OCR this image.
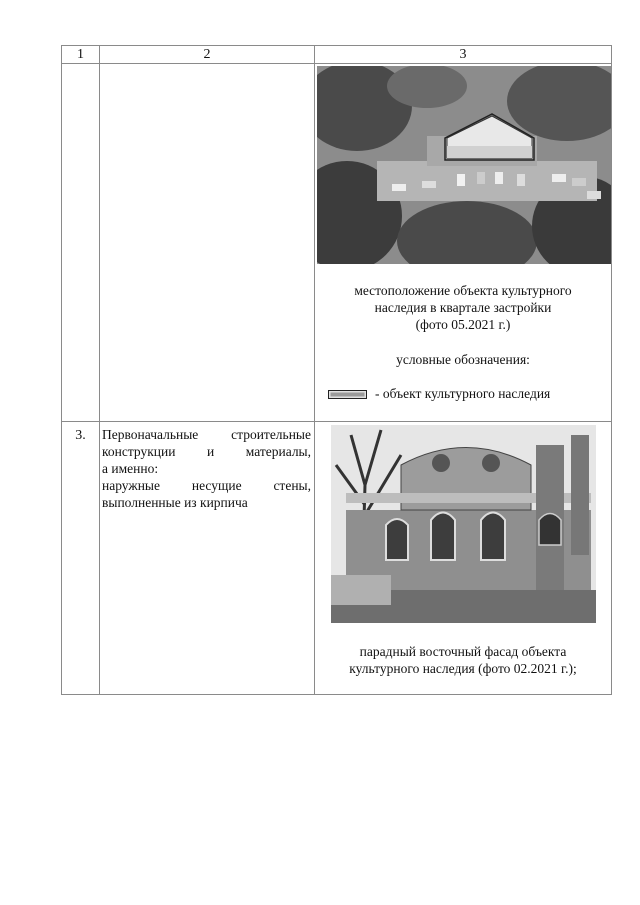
1	2	3

		местоположение объекта культурного
наследия в квартале застройки
(фото 05.2021 г.)
условные обозначения:
- объект культурного наследия

3.	Первоначальные строительные
конструкции и материалы,
а именно:
наружные несущие стены,
выполненные из кирпича	парадный восточный фасад объекта
культурного наследия (фото 02.2021 г.);
